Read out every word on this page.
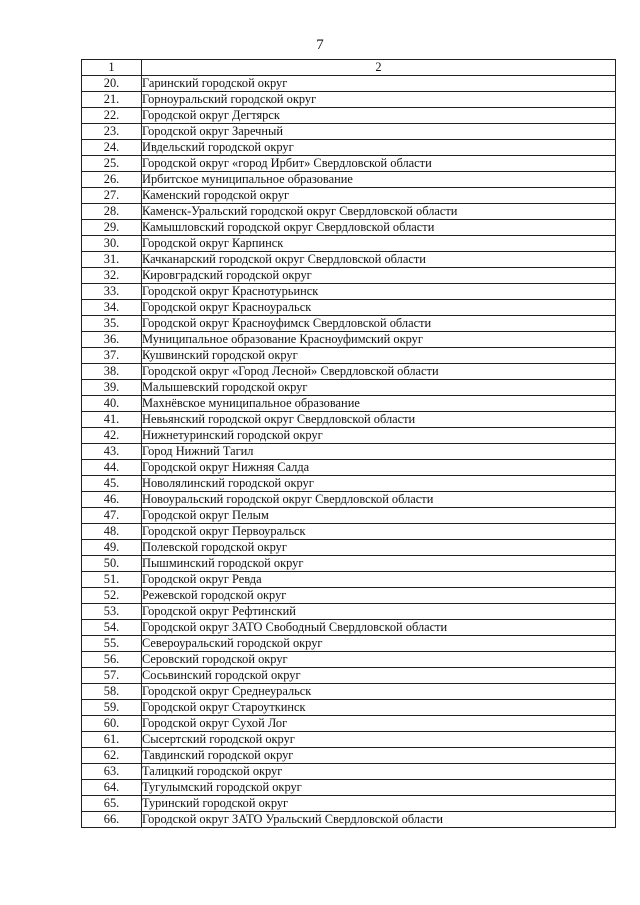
7
1	2
20.	Гаринский городской округ
21.	Горноуральский городской округ
22.	Городской округ Дегтярск
23.	Городской округ Заречный
24.	Ивдельский городской округ
25.	Городской округ «город Ирбит» Свердловской области
26.	Ирбитское муниципальное образование
27.	Каменский городской округ
28.	Каменск-Уральский городской округ Свердловской области
29.	Камышловский городской округ Свердловской области
30.	Городской округ Карпинск
31.	Качканарский городской округ Свердловской области
32.	Кировградский городской округ
33.	Городской округ Краснотурьинск
34.	Городской округ Красноуральск
35.	Городской округ Красноуфимск Свердловской области
36.	Муниципальное образование Красноуфимский округ
37.	Кушвинский городской округ
38.	Городской округ «Город Лесной» Свердловской области
39.	Малышевский городской округ
40.	Махнёвское муниципальное образование
41.	Невьянский городской округ Свердловской области
42.	Нижнетуринский городской округ
43.	Город Нижний Тагил
44.	Городской округ Нижняя Салда
45.	Новолялинский городской округ
46.	Новоуральский городской округ Свердловской области
47.	Городской округ Пелым
48.	Городской округ Первоуральск
49.	Полевской городской округ
50.	Пышминский городской округ
51.	Городской округ Ревда
52.	Режевской городской округ
53.	Городской округ Рефтинский
54.	Городской округ ЗАТО Свободный Свердловской области
55.	Североуральский городской округ
56.	Серовский городской округ
57.	Сосьвинский городской округ
58.	Городской округ Среднеуральск
59.	Городской округ Староуткинск
60.	Городской округ Сухой Лог
61.	Сысертский городской округ
62.	Тавдинский городской округ
63.	Талицкий городской округ
64.	Тугулымский городской округ
65.	Туринский городской округ
66.	Городской округ ЗАТО Уральский Свердловской области
